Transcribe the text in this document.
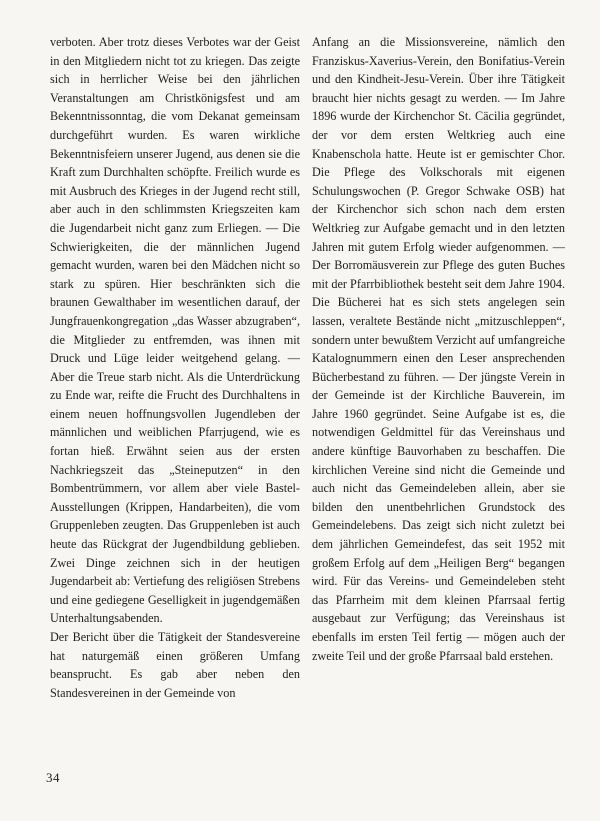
verboten. Aber trotz dieses Verbotes war der Geist in den Mitgliedern nicht tot zu kriegen. Das zeigte sich in herrlicher Weise bei den jährlichen Veranstaltungen am Christkönigsfest und am Bekenntnissonntag, die vom Dekanat gemeinsam durchgeführt wurden. Es waren wirkliche Bekenntnisfeiern unserer Jugend, aus denen sie die Kraft zum Durchhalten schöpfte. Freilich wurde es mit Ausbruch des Krieges in der Jugend recht still, aber auch in den schlimmsten Kriegszeiten kam die Jugendarbeit nicht ganz zum Erliegen. — Die Schwierigkeiten, die der männlichen Jugend gemacht wurden, waren bei den Mädchen nicht so stark zu spüren. Hier beschränkten sich die braunen Gewalthaber im wesentlichen darauf, der Jungfrauenkongregation „das Wasser abzugraben“, die Mitglieder zu entfremden, was ihnen mit Druck und Lüge leider weitgehend gelang. — Aber die Treue starb nicht. Als die Unterdrückung zu Ende war, reifte die Frucht des Durchhaltens in einem neuen hoffnungsvollen Jugendleben der männlichen und weiblichen Pfarrjugend, wie es fortan hieß. Erwähnt seien aus der ersten Nachkriegszeit das „Steineputzen“ in den Bombentrümmern, vor allem aber viele Bastel-Ausstellungen (Krippen, Handarbeiten), die vom Gruppenleben zeugten. Das Gruppenleben ist auch heute das Rückgrat der Jugendbildung geblieben. Zwei Dinge zeichnen sich in der heutigen Jugendarbeit ab: Vertiefung des religiösen Strebens und eine gediegene Geselligkeit in jugendgemäßen Unterhaltungsabenden.

Der Bericht über die Tätigkeit der Standesvereine hat naturgemäß einen größeren Umfang beansprucht. Es gab aber neben den Standesvereinen in der Gemeinde von

Anfang an die Missionsvereine, nämlich den Franziskus-Xaverius-Verein, den Bonifatius-Verein und den Kindheit-Jesu-Verein. Über ihre Tätigkeit braucht hier nichts gesagt zu werden. — Im Jahre 1896 wurde der Kirchenchor St. Cäcilia gegründet, der vor dem ersten Weltkrieg auch eine Knabenschola hatte. Heute ist er gemischter Chor. Die Pflege des Volkschorals mit eigenen Schulungswochen (P. Gregor Schwake OSB) hat der Kirchenchor sich schon nach dem ersten Weltkrieg zur Aufgabe gemacht und in den letzten Jahren mit gutem Erfolg wieder aufgenommen. — Der Borromäusverein zur Pflege des guten Buches mit der Pfarrbibliothek besteht seit dem Jahre 1904. Die Bücherei hat es sich stets angelegen sein lassen, veraltete Bestände nicht „mitzuschleppen“, sondern unter bewußtem Verzicht auf umfangreiche Katalognummern einen den Leser ansprechenden Bücherbestand zu führen. — Der jüngste Verein in der Gemeinde ist der Kirchliche Bauverein, im Jahre 1960 gegründet. Seine Aufgabe ist es, die notwendigen Geldmittel für das Vereinshaus und andere künftige Bauvorhaben zu beschaffen. Die kirchlichen Vereine sind nicht die Gemeinde und auch nicht das Gemeindeleben allein, aber sie bilden den unentbehrlichen Grundstock des Gemeindelebens. Das zeigt sich nicht zuletzt bei dem jährlichen Gemeindefest, das seit 1952 mit großem Erfolg auf dem „Heiligen Berg“ begangen wird. Für das Vereins- und Gemeindeleben steht das Pfarrheim mit dem kleinen Pfarrsaal fertig ausgebaut zur Verfügung; das Vereinshaus ist ebenfalls im ersten Teil fertig — mögen auch der zweite Teil und der große Pfarrsaal bald erstehen.

34
